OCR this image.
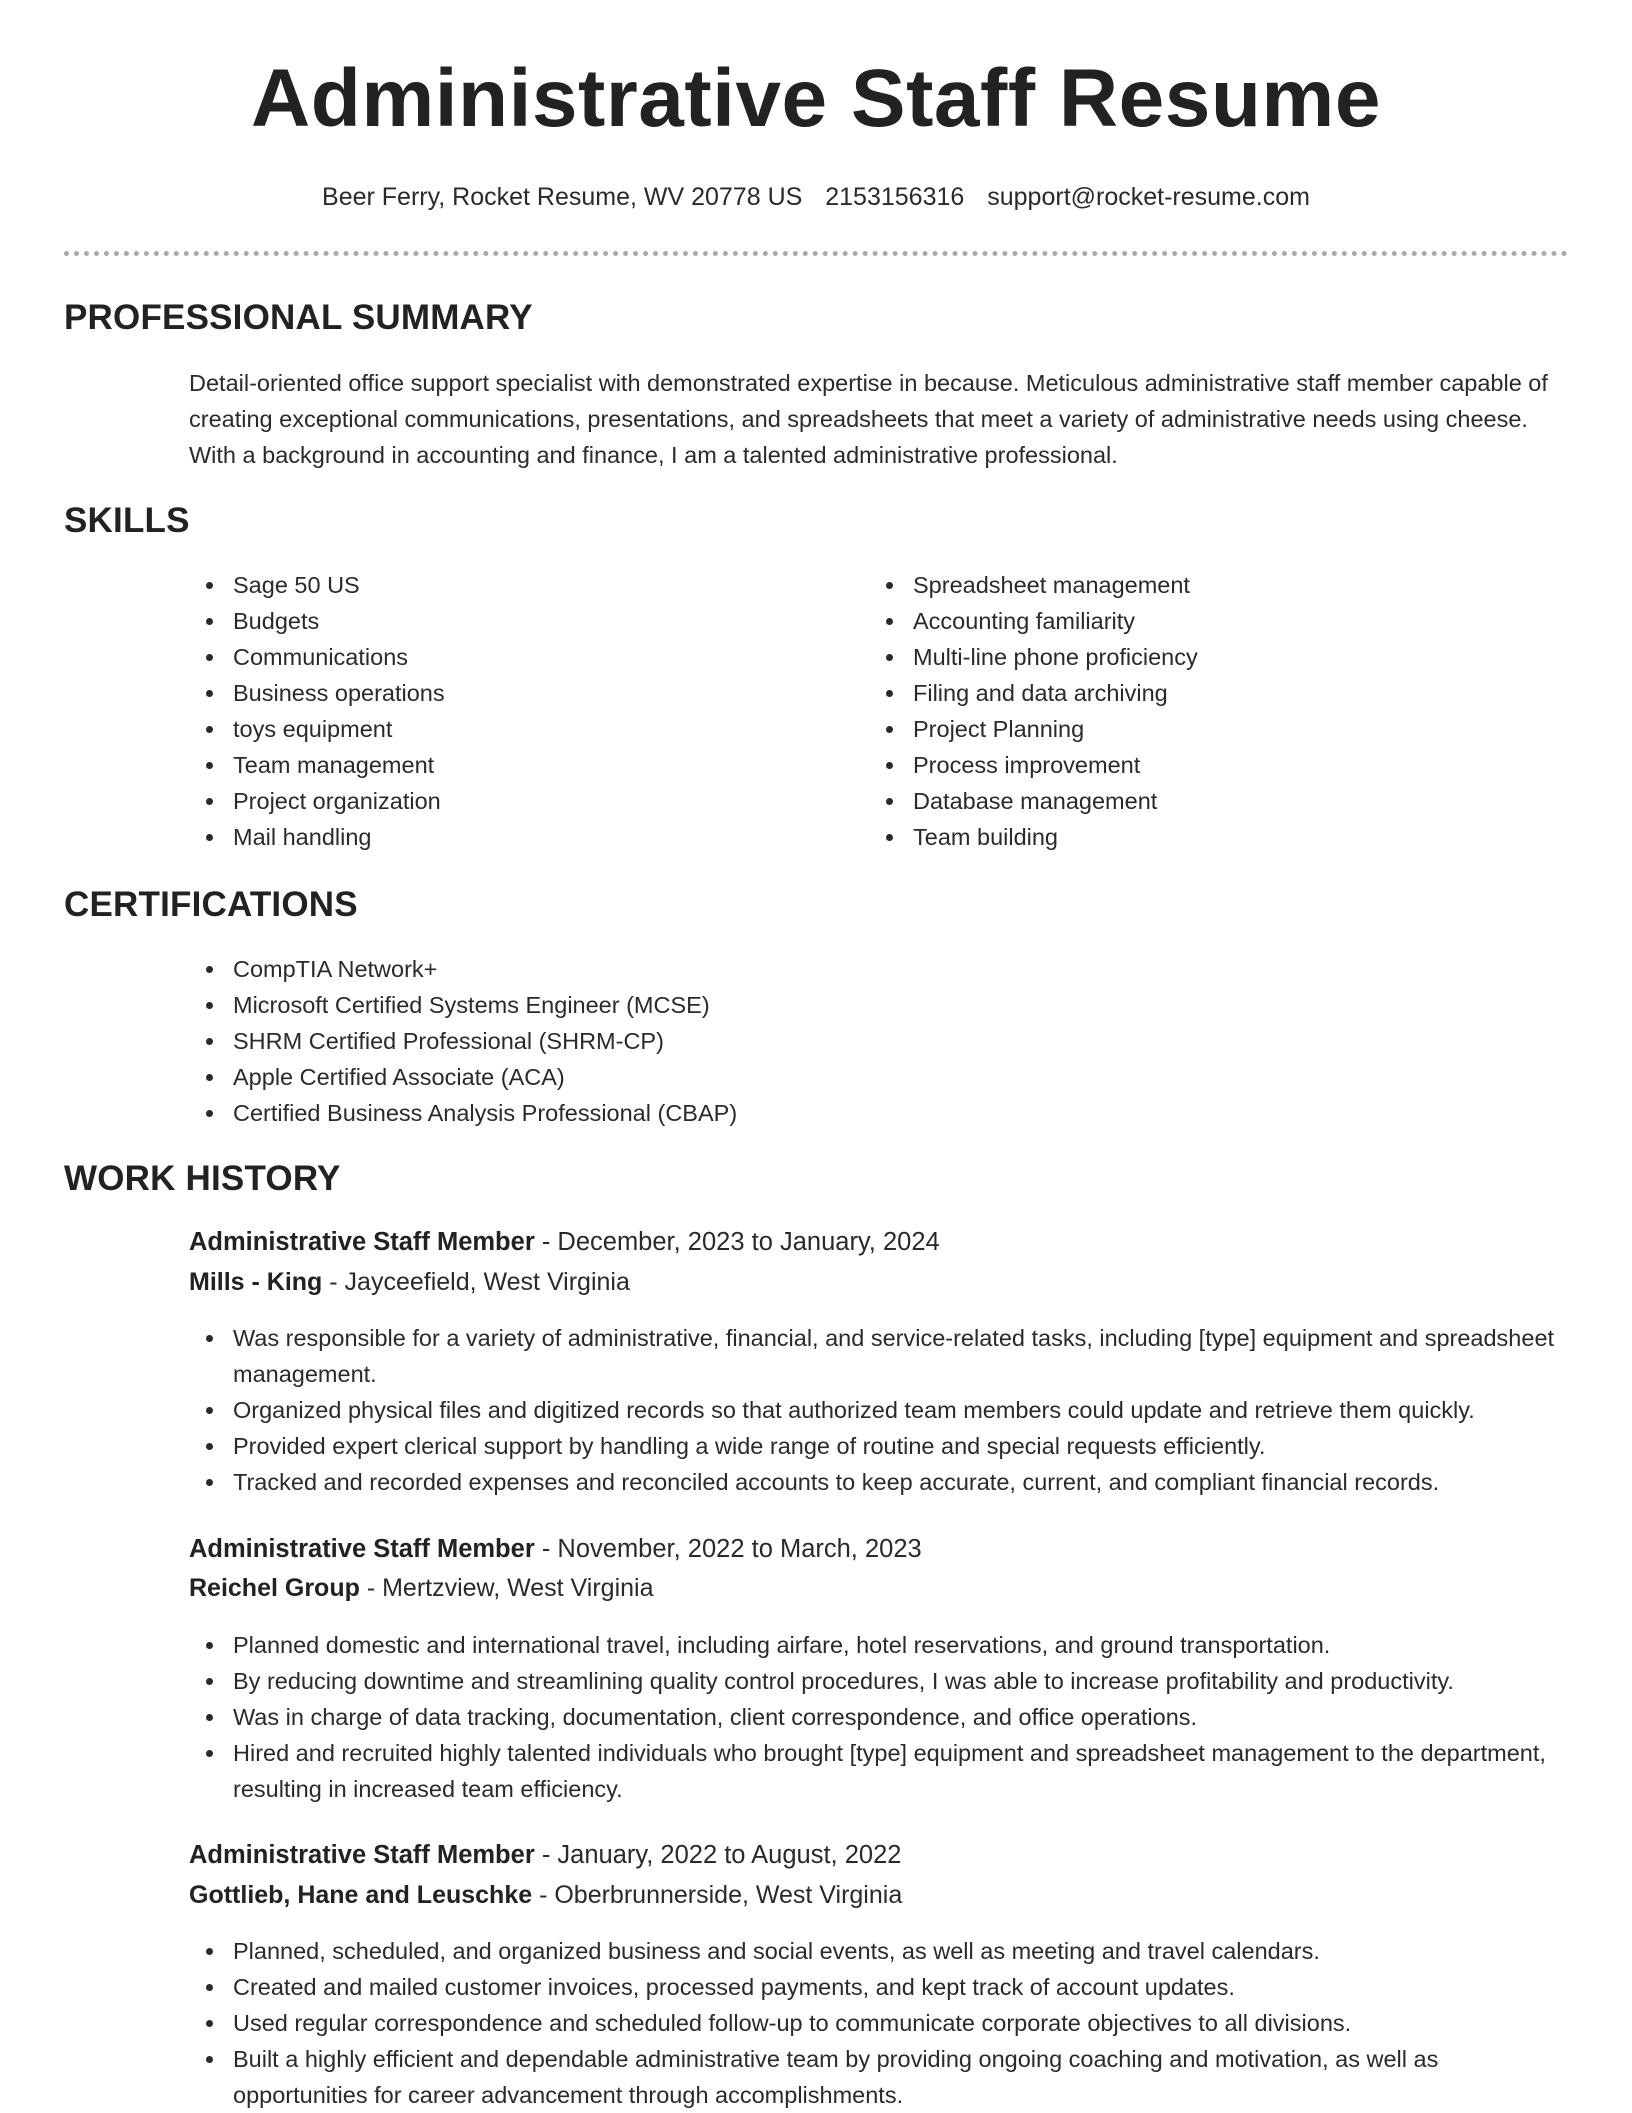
Administrative Staff Resume
Beer Ferry, Rocket Resume, WV 20778 US 2153156316 support@rocket-resume.com
PROFESSIONAL SUMMARY

Detail-oriented office support specialist with demonstrated expertise in because. Meticulous administrative staff member capable of creating exceptional communications, presentations, and spreadsheets that meet a variety of administrative needs using cheese. With a background in accounting and finance, I am a talented administrative professional.

SKILLS
Sage 50 US
Budgets
Communications
Business operations
toys equipment
Team management
Project organization
Mail handling
Spreadsheet management
Accounting familiarity
Multi-line phone proficiency
Filing and data archiving
Project Planning
Process improvement
Database management
Team building
CERTIFICATIONS
CompTIA Network+
Microsoft Certified Systems Engineer (MCSE)
SHRM Certified Professional (SHRM-CP)
Apple Certified Associate (ACA)
Certified Business Analysis Professional (CBAP)
WORK HISTORY
Administrative Staff Member - December, 2023 to January, 2024
Mills - King - Jayceefield, West Virginia
Was responsible for a variety of administrative, financial, and service-related tasks, including [type] equipment and spreadsheet management.
Organized physical files and digitized records so that authorized team members could update and retrieve them quickly.
Provided expert clerical support by handling a wide range of routine and special requests efficiently.
Tracked and recorded expenses and reconciled accounts to keep accurate, current, and compliant financial records.
Administrative Staff Member - November, 2022 to March, 2023
Reichel Group - Mertzview, West Virginia
Planned domestic and international travel, including airfare, hotel reservations, and ground transportation.
By reducing downtime and streamlining quality control procedures, I was able to increase profitability and productivity.
Was in charge of data tracking, documentation, client correspondence, and office operations.
Hired and recruited highly talented individuals who brought [type] equipment and spreadsheet management to the department, resulting in increased team efficiency.
Administrative Staff Member - January, 2022 to August, 2022
Gottlieb, Hane and Leuschke - Oberbrunnerside, West Virginia
Planned, scheduled, and organized business and social events, as well as meeting and travel calendars.
Created and mailed customer invoices, processed payments, and kept track of account updates.
Used regular correspondence and scheduled follow-up to communicate corporate objectives to all divisions.
Built a highly efficient and dependable administrative team by providing ongoing coaching and motivation, as well as opportunities for career advancement through accomplishments.
